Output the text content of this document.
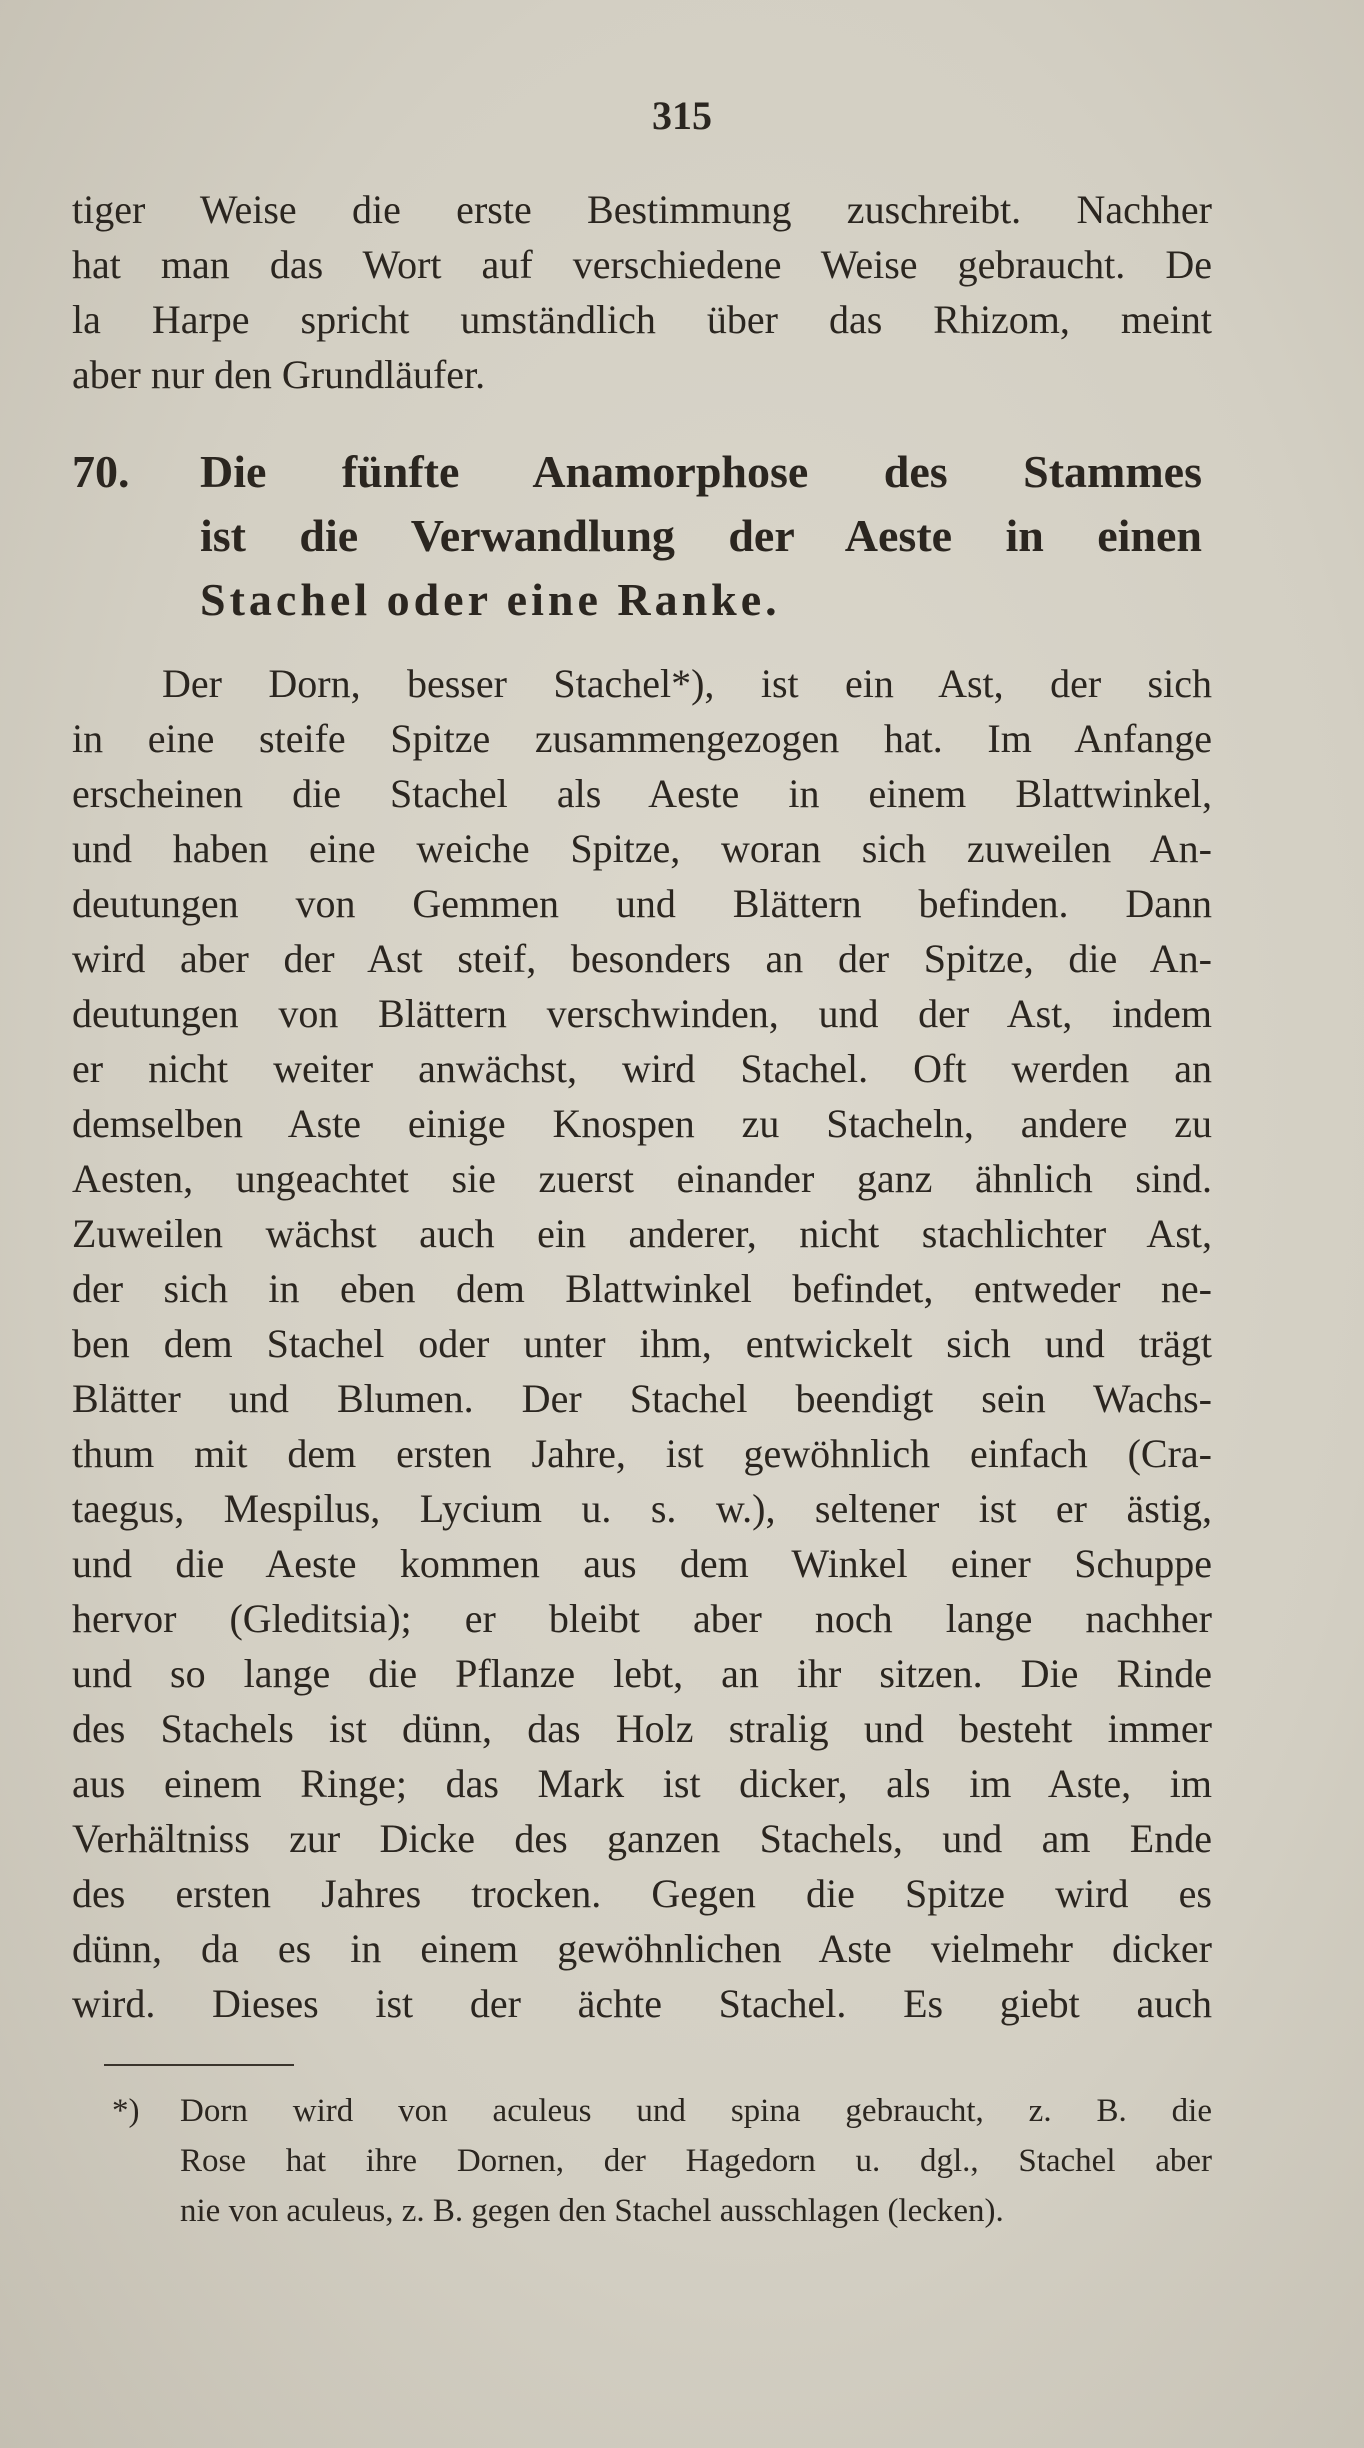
315
tiger Weise die erste Bestimmung zuschreibt. Nachher
hat man das Wort auf verschiedene Weise gebraucht. De
la Harpe spricht umständlich über das Rhizom, meint
aber nur den Grundläufer.
70. Die fünfte Anamorphose des Stammes
ist die Verwandlung der Aeste in einen
Stachel oder eine Ranke.
Der Dorn, besser Stachel*), ist ein Ast, der sich
in eine steife Spitze zusammengezogen hat. Im Anfange
erscheinen die Stachel als Aeste in einem Blattwinkel,
und haben eine weiche Spitze, woran sich zuweilen An-
deutungen von Gemmen und Blättern befinden. Dann
wird aber der Ast steif, besonders an der Spitze, die An-
deutungen von Blättern verschwinden, und der Ast, indem
er nicht weiter anwächst, wird Stachel. Oft werden an
demselben Aste einige Knospen zu Stacheln, andere zu
Aesten, ungeachtet sie zuerst einander ganz ähnlich sind.
Zuweilen wächst auch ein anderer, nicht stachlichter Ast,
der sich in eben dem Blattwinkel befindet, entweder ne-
ben dem Stachel oder unter ihm, entwickelt sich und trägt
Blätter und Blumen. Der Stachel beendigt sein Wachs-
thum mit dem ersten Jahre, ist gewöhnlich einfach (Cra-
taegus, Mespilus, Lycium u. s. w.), seltener ist er ästig,
und die Aeste kommen aus dem Winkel einer Schuppe
hervor (Gleditsia); er bleibt aber noch lange nachher
und so lange die Pflanze lebt, an ihr sitzen. Die Rinde
des Stachels ist dünn, das Holz stralig und besteht immer
aus einem Ringe; das Mark ist dicker, als im Aste, im
Verhältniss zur Dicke des ganzen Stachels, und am Ende
des ersten Jahres trocken. Gegen die Spitze wird es
dünn, da es in einem gewöhnlichen Aste vielmehr dicker
wird. Dieses ist der ächte Stachel. Es giebt auch
*) Dorn wird von aculeus und spina gebraucht, z. B. die
Rose hat ihre Dornen, der Hagedorn u. dgl., Stachel aber
nie von aculeus, z. B. gegen den Stachel ausschlagen (lecken).
